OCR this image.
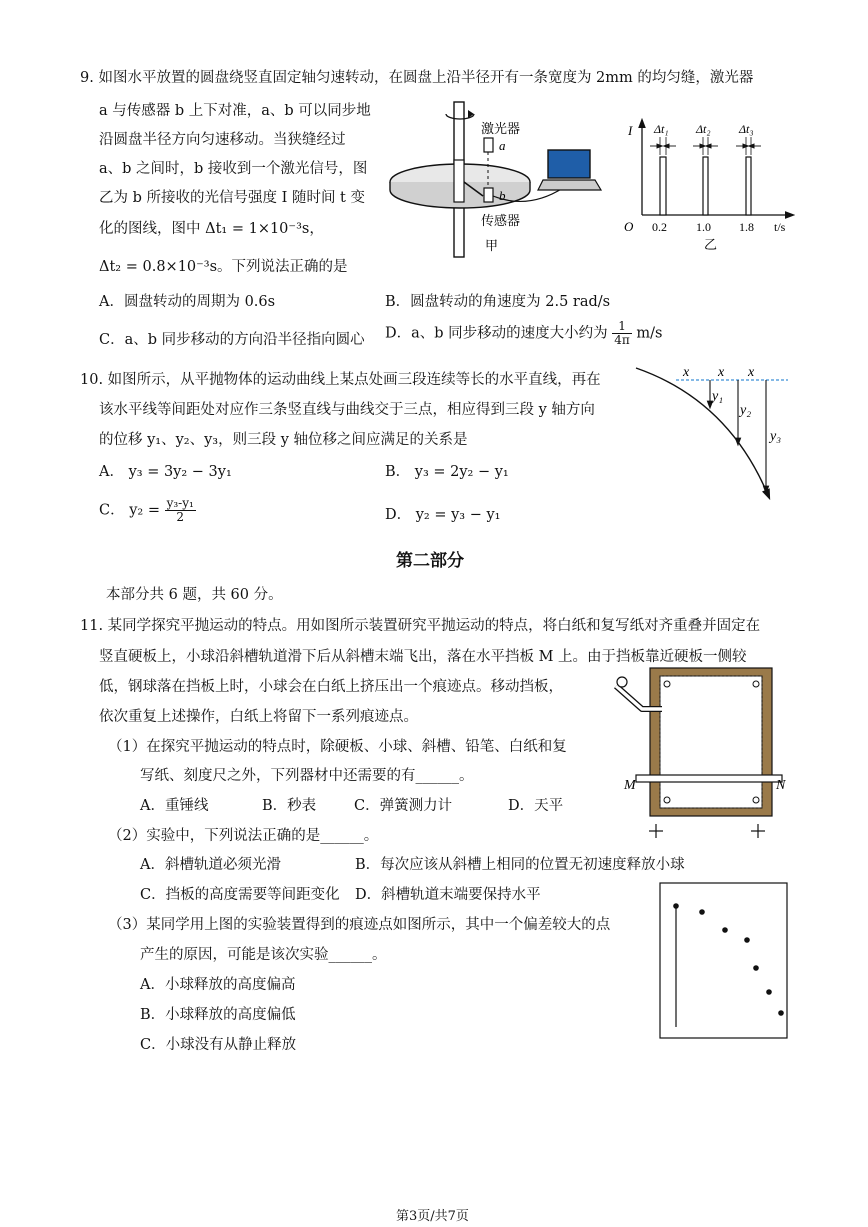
9. 如图水平放置的圆盘绕竖直固定轴匀速转动，在圆盘上沿半径开有一条宽度为 2mm 的均匀缝，激光器
a 与传感器 b 上下对准，a、b 可以同步地
沿圆盘半径方向匀速移动。当狭缝经过
a、b 之间时，b 接收到一个激光信号，图
乙为 b 所接收的光信号强度 I 随时间 t 变
化的图线，图中 Δt₁ = 1×10⁻³s，
Δt₂ = 0.8×10⁻³s。下列说法正确的是
A．圆盘转动的周期为 0.6s	B．圆盘转动的角速度为 2.5 rad/s
C．a、b 同步移动的方向沿半径指向圆心 D．a、b 同步移动的速度大小约为 $\frac{1}{4\pi} m/s$
激光器
a
b
传感器
甲
I
t/s
O
Δt₁ Δt₂ Δt₃
0.2 1.0 1.8
乙
10. 如图所示，从平抛物体的运动曲线上某点处画三段连续等长的水平直线，再在
该水平线等间距处对应作三条竖直线与曲线交于三点，相应得到三段 y 轴方向
的位移 y₁、y₂、y₃，则三段 y 轴位移之间应满足的关系是
A． y₃ = 3y₂ − 3y₁	B． y₃ = 2y₂ − y₁
C． $y_2 = \frac{\text{y₃-y₁}}{2}$	D． y₂ = y₃ − y₁
x x x
y₁
y₂
y₃
第二部分
本部分共 6 题，共 60 分。
11. 某同学探究平抛运动的特点。用如图所示装置研究平抛运动的特点，将白纸和复写纸对齐重叠并固定在
竖直硬板上，小球沿斜槽轨道滑下后从斜槽末端飞出，落在水平挡板 M 上。由于挡板靠近硬板一侧较
低，钢球落在挡板上时，小球会在白纸上挤压出一个痕迹点。移动挡板，
依次重复上述操作，白纸上将留下一系列痕迹点。
（1）在探究平抛运动的特点时，除硬板、小球、斜槽、铅笔、白纸和复
写纸、刻度尺之外，下列器材中还需要的有______。
A．重锤线	B．秒表	C．弹簧测力计	D．天平
（2）实验中，下列说法正确的是______。
A．斜槽轨道必须光滑	B．每次应该从斜槽上相同的位置无初速度释放小球
C．挡板的高度需要等间距变化 D．斜槽轨道末端要保持水平
（3）某同学用上图的实验装置得到的痕迹点如图所示，其中一个偏差较大的点
产生的原因，可能是该次实验______。
A．小球释放的高度偏高
B．小球释放的高度偏低
C．小球没有从静止释放
M	N
第3页/共7页
